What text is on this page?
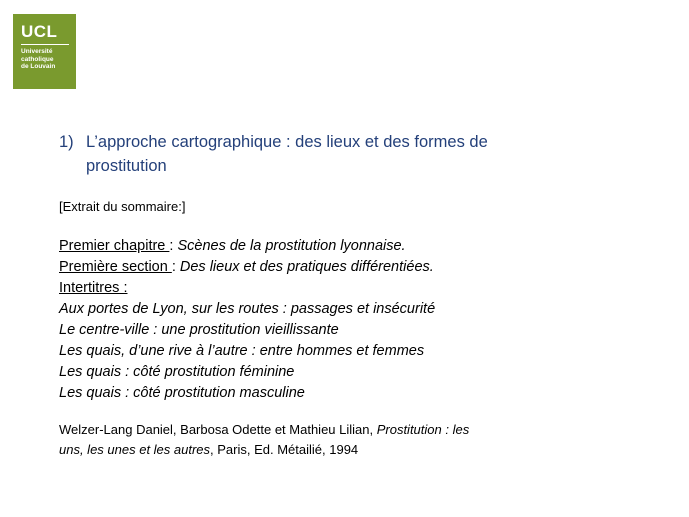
UCL
Université
catholique
de Louvain
1) L’approche cartographique : des lieux et des formes de
prostitution
[Extrait du sommaire:]
Premier chapitre : Scènes de la prostitution lyonnaise.
Première section : Des lieux et des pratiques différentiées.
Intertitres :
Aux portes de Lyon, sur les routes : passages et insécurité
Le centre-ville : une prostitution vieillissante
Les quais, d’une rive à l’autre : entre hommes et femmes
Les quais : côté prostitution féminine
Les quais : côté prostitution masculine
Welzer-Lang Daniel, Barbosa Odette et Mathieu Lilian, Prostitution : les
uns, les unes et les autres, Paris, Ed. Métailié, 1994
